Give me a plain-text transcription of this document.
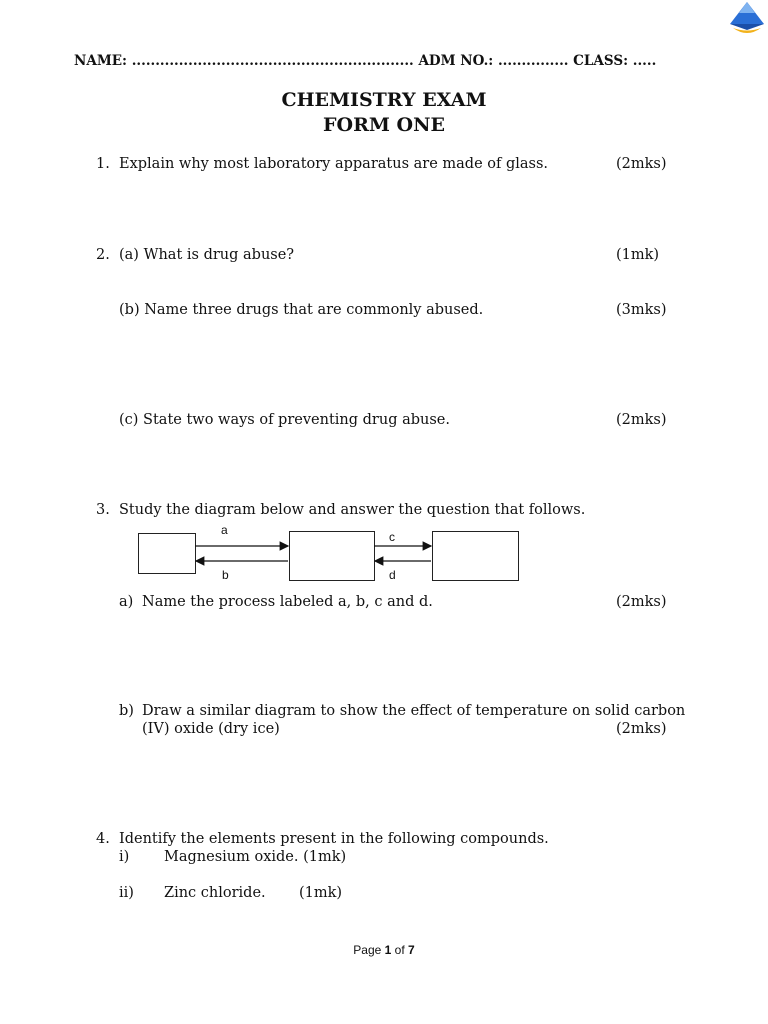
NAME: ............................................................ ADM NO.: ............... CLASS: .....
CHEMISTRY EXAM
FORM ONE
1. Explain why most laboratory apparatus are made of glass.	(2mks)
2. (a) What is drug abuse?	(1mk)
(b) Name three drugs that are commonly abused.	(3mks)
(c) State two ways of preventing drug abuse.	(2mks)
3. Study the diagram below and answer the question that follows.
a
b
c
d
a) Name the process labeled a, b, c and d.	(2mks)
b) Draw a similar diagram to show the effect of temperature on solid carbon
(IV) oxide (dry ice)	(2mks)
4. Identify the elements present in the following compounds.
i) Magnesium oxide. (1mk)
ii) Zinc chloride. (1mk)
Page 1 of 7
